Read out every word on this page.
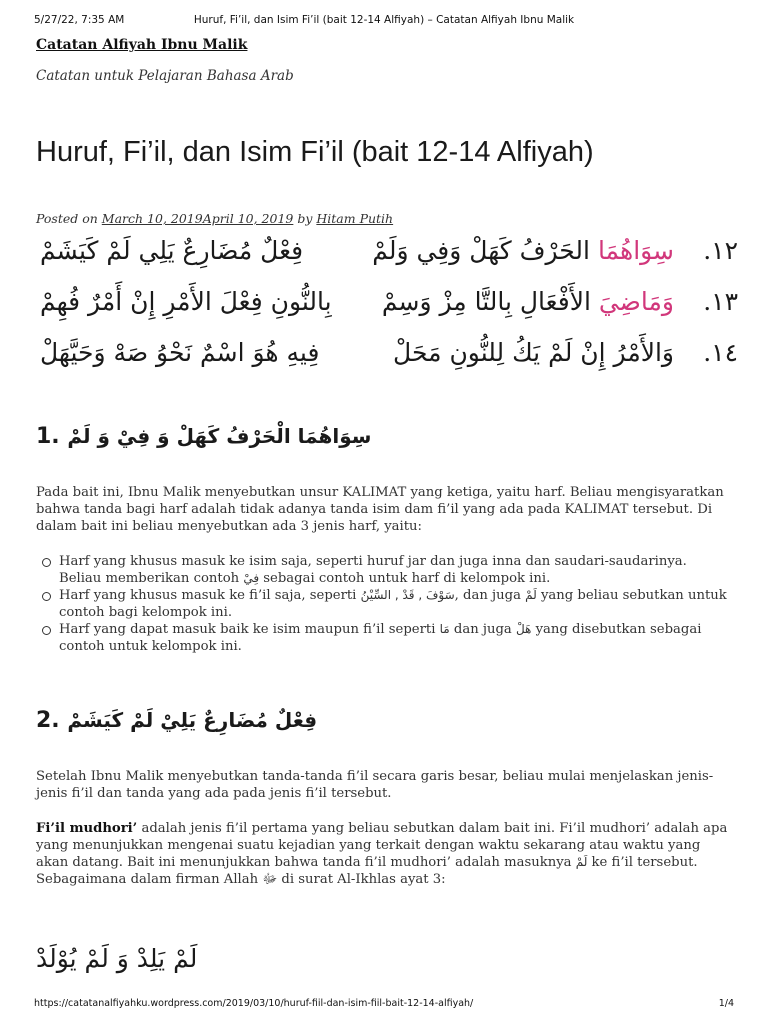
5/27/22, 7:35 AM	Huruf, Fi’il, dan Isim Fi’il (bait 12-14 Alfiyah) – Catatan Alfiyah Ibnu Malik
Catatan Alfiyah Ibnu Malik
Catatan untuk Pelajaran Bahasa Arab
Huruf, Fi’il, dan Isim Fi’il (bait 12-14 Alfiyah)
Posted on March 10, 2019April 10, 2019 by Hitam Putih
١٢.
سِوَاهُمَا الحَرْفُ كَهَلْ وَفِي وَلَمْ
فِعْلٌ مُضَارِعٌ يَلِي لَمْ كَيَشَمْ
١٣.
وَمَاضِيَ الأَفْعَالِ بِالتَّا مِزْ وَسِمْ
بِالنُّونِ فِعْلَ الأَمْرِ إِنْ أَمْرٌ فُهِمْ
١٤.
وَالأَمْرُ إِنْ لَمْ يَكُ لِلنُّونِ مَحَلْ
فِيهِ هُوَ اسْمٌ نَحْوُ صَهْ وَحَيَّهَلْ
1. سِوَاهُمَا الْحَرْفُ كَهَلْ وَ فِيْ وَ لَمْ

Pada bait ini, Ibnu Malik menyebutkan unsur KALIMAT yang ketiga, yaitu harf. Beliau mengisyaratkan bahwa tanda bagi harf adalah tidak adanya tanda isim dam fi’il yang ada pada KALIMAT tersebut. Di dalam bait ini beliau menyebutkan ada 3 jenis harf, yaitu:

Harf yang khusus masuk ke isim saja, seperti huruf jar dan juga inna dan saudari-saudarinya. Beliau memberikan contoh فِيْ sebagai contoh untuk harf di kelompok ini.
Harf yang khusus masuk ke fi’il saja, seperti سَوْفَ , قَدْ , السِّيْنُ, dan juga لَمْ yang beliau sebutkan untuk contoh bagi kelompok ini.
Harf yang dapat masuk baik ke isim maupun fi’il seperti مَا dan juga هَلْ yang disebutkan sebagai contoh untuk kelompok ini.
2. فِعْلٌ مُضَارِعٌ يَلِيْ لَمْ كَيَشَمْ

Setelah Ibnu Malik menyebutkan tanda-tanda fi’il secara garis besar, beliau mulai menjelaskan jenis-jenis fi’il dan tanda yang ada pada jenis fi’il tersebut.

Fi’il mudhori’ adalah jenis fi’il pertama yang beliau sebutkan dalam bait ini. Fi’il mudhori’ adalah apa yang menunjukkan mengenai suatu kejadian yang terkait dengan waktu sekarang atau waktu yang akan datang. Bait ini menunjukkan bahwa tanda fi’il mudhori’ adalah masuknya لَمْ ke fi’il tersebut. Sebagaimana dalam firman Allah ﷻ di surat Al-Ikhlas ayat 3:

لَمْ يَلِدْ وَ لَمْ يُوْلَدْ
https://catatanalfiyahku.wordpress.com/2019/03/10/huruf-fiil-dan-isim-fiil-bait-12-14-alfiyah/	1/4
